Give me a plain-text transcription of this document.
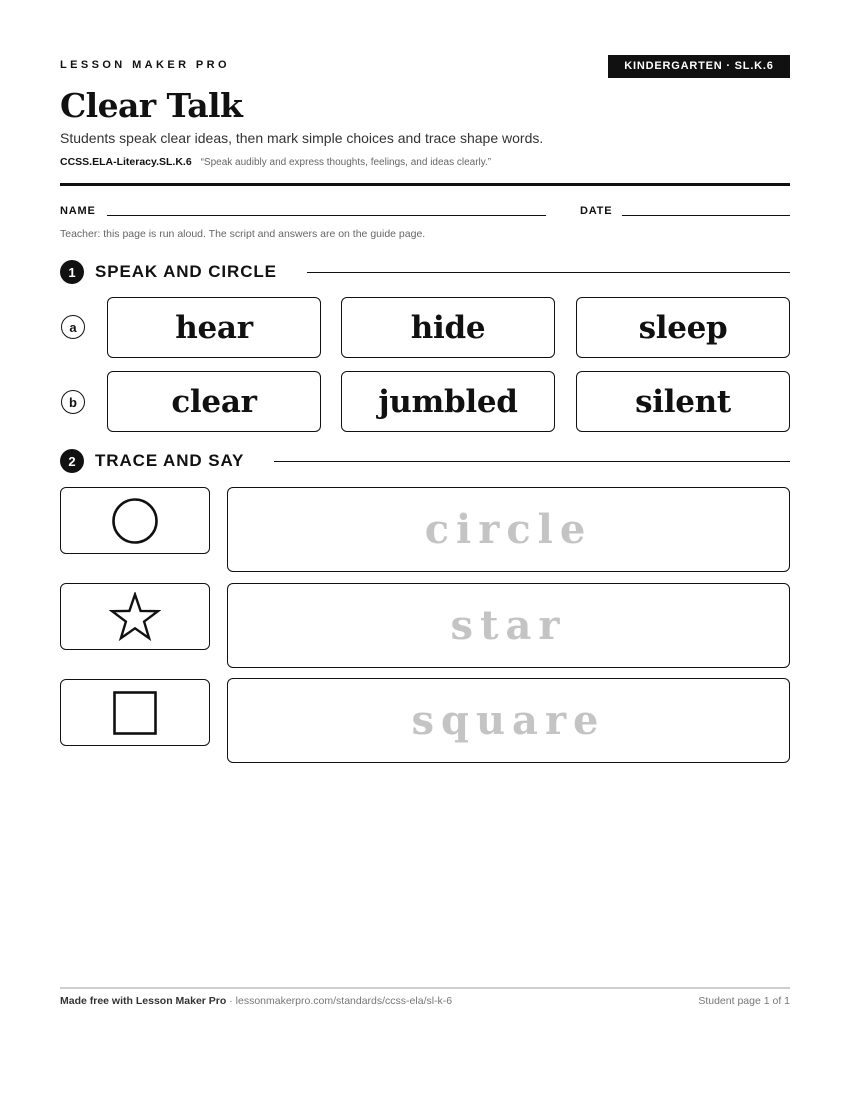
LESSON MAKER PRO	KINDERGARTEN · SL.K.6
Clear Talk
Students speak clear ideas, then mark simple choices and trace shape words.
CCSS.ELA-Literacy.SL.K.6 “Speak audibly and express thoughts, feelings, and ideas clearly.”
NAME	DATE
Teacher: this page is run aloud. The script and answers are on the guide page.
1	SPEAK AND CIRCLE
a	hear	hide	sleep
b	clear	jumbled	silent
2	TRACE AND SAY
circle
star
square
Made free with Lesson Maker Pro · lessonmakerpro.com/standards/ccss-ela/sl-k-6	Student page 1 of 1
